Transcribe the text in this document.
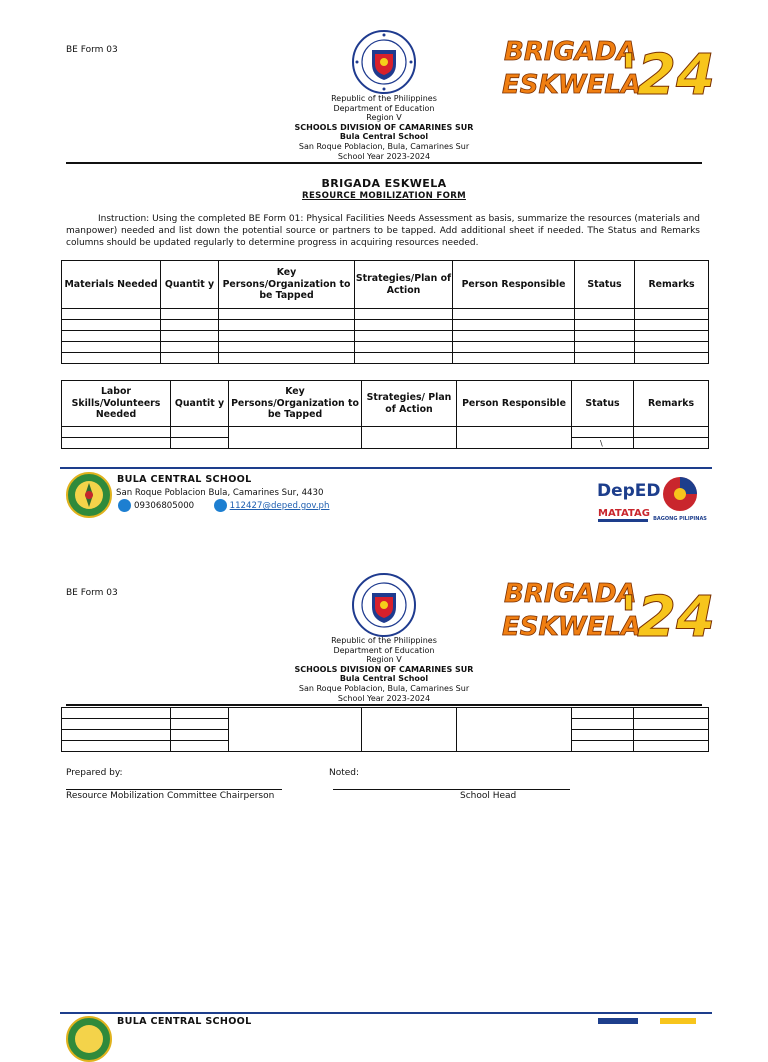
BE Form 03	BRIGADA
ESKWELA
'24
Republic of the Philippines
Department of Education
Region V
SCHOOLS DIVISION OF CAMARINES SUR
Bula Central School
San Roque Poblacion, Bula, Camarines Sur
School Year 2023-2024
BRIGADA ESKWELA
RESOURCE MOBILIZATION FORM
Instruction: Using the completed BE Form 01: Physical Facilities Needs Assessment as basis, summarize the resources (materials and manpower) needed and list down the potential source or partners to be tapped. Add additional sheet if needed. The Status and Remarks columns should be updated regularly to determine progress in acquiring resources needed.
Materials Needed	Quantit y	Key Persons/Organization to be Tapped	Strategies/Plan of Action	Person Responsible	Status	Remarks

Labor Skills/Volunteers Needed	Quantit y	Key Persons/Organization to be Tapped	Strategies/ Plan of Action	Person Responsible	Status	Remarks

					\	
BULA CENTRAL SCHOOL
San Roque Poblacion Bula, Camarines Sur, 4430
09306805000	112427@deped.gov.ph
DepED
MATATAG BAGONG PILIPINAS
BE Form 03	BRIGADA
ESKWELA
'24
Republic of the Philippines
Department of Education
Region V
SCHOOLS DIVISION OF CAMARINES SUR
Bula Central School
San Roque Poblacion, Bula, Camarines Sur
School Year 2023-2024

Prepared by:	Noted:
Resource Mobilization Committee Chairperson	School Head
BULA CENTRAL SCHOOL
